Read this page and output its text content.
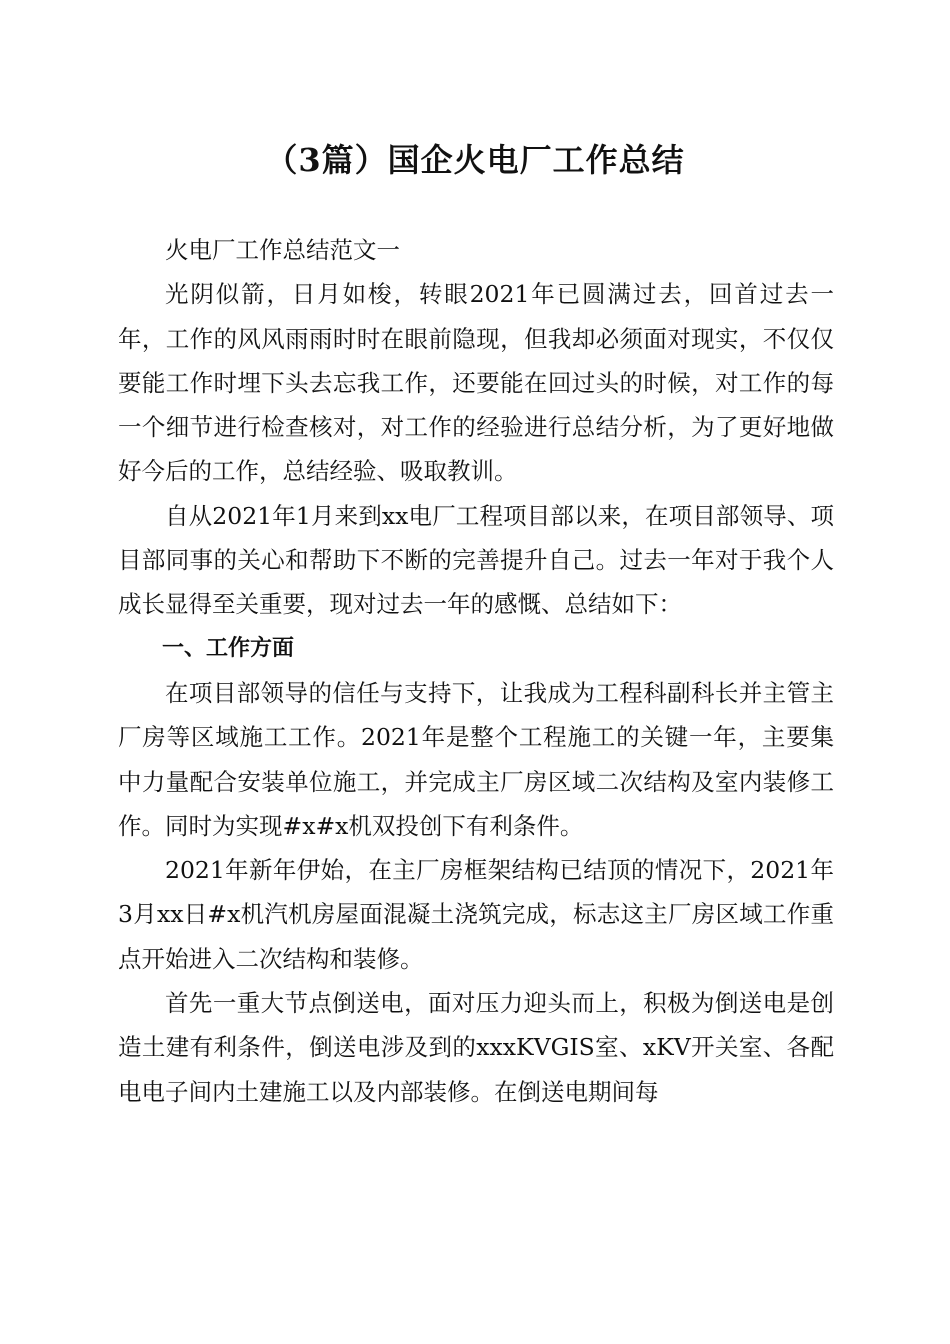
（3篇）国企火电厂工作总结

火电厂工作总结范文一

光阴似箭，日月如梭，转眼2021年已圆满过去，回首过去一年，工作的风风雨雨时时在眼前隐现，但我却必须面对现实，不仅仅要能工作时埋下头去忘我工作，还要能在回过头的时候，对工作的每一个细节进行检查核对，对工作的经验进行总结分析，为了更好地做好今后的工作，总结经验、吸取教训。

自从2021年1月来到xx电厂工程项目部以来，在项目部领导、项目部同事的关心和帮助下不断的完善提升自己。过去一年对于我个人成长显得至关重要，现对过去一年的感慨、总结如下：

一、工作方面

在项目部领导的信任与支持下，让我成为工程科副科长并主管主厂房等区域施工工作。2021年是整个工程施工的关键一年，主要集中力量配合安装单位施工，并完成主厂房区域二次结构及室内装修工作。同时为实现#x#x机双投创下有利条件。

2021年新年伊始，在主厂房框架结构已结顶的情况下，2021年3月xx日#x机汽机房屋面混凝土浇筑完成，标志这主厂房区域工作重点开始进入二次结构和装修。

首先一重大节点倒送电，面对压力迎头而上，积极为倒送电是创造土建有利条件，倒送电涉及到的xxxKVGIS室、xKV开关室、各配电电子间内土建施工以及内部装修。在倒送电期间每
